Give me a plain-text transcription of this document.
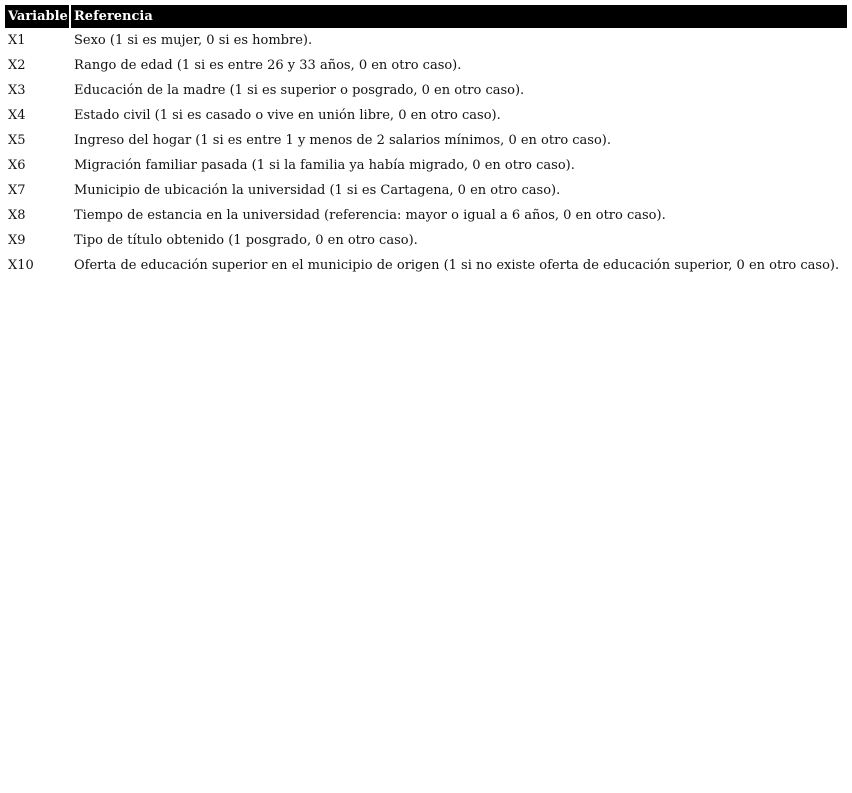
Variable	Referencia
X1	Sexo (1 si es mujer, 0 si es hombre).
X2	Rango de edad (1 si es entre 26 y 33 años, 0 en otro caso).
X3	Educación de la madre (1 si es superior o posgrado, 0 en otro caso).
X4	Estado civil (1 si es casado o vive en unión libre, 0 en otro caso).
X5	Ingreso del hogar (1 si es entre 1 y menos de 2 salarios mínimos, 0 en otro caso).
X6	Migración familiar pasada (1 si la familia ya había migrado, 0 en otro caso).
X7	Municipio de ubicación la universidad (1 si es Cartagena, 0 en otro caso).
X8	Tiempo de estancia en la universidad (referencia: mayor o igual a 6 años, 0 en otro caso).
X9	Tipo de título obtenido (1 posgrado, 0 en otro caso).
X10	Oferta de educación superior en el municipio de origen (1 si no existe oferta de educación superior, 0 en otro caso).
